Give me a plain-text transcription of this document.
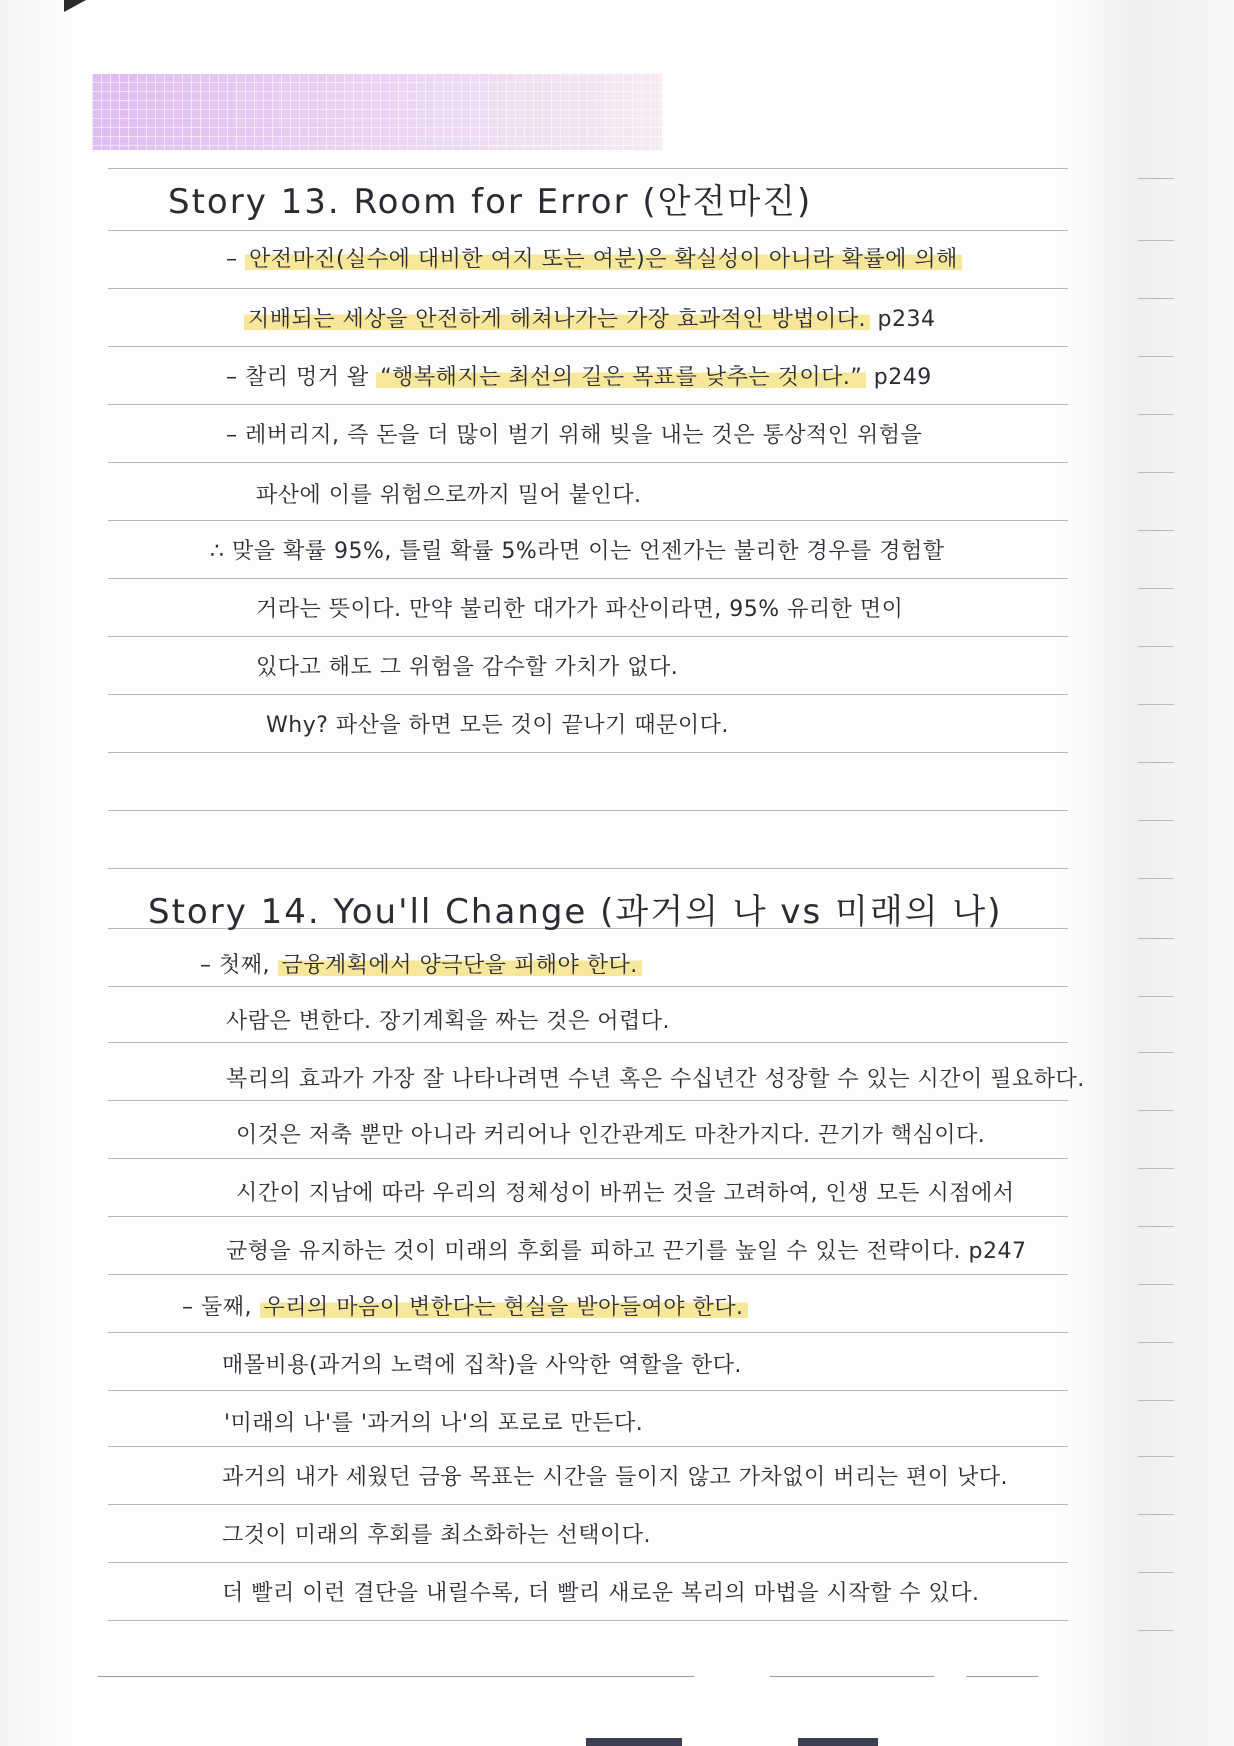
Story 13. Room for Error (안전마진)
– 안전마진(실수에 대비한 여지 또는 여분)은 확실성이 아니라 확률에 의해
지배되는 세상을 안전하게 헤쳐나가는 가장 효과적인 방법이다. p234
– 찰리 멍거 왈 “행복해지는 최선의 길은 목표를 낮추는 것이다.” p249
– 레버리지, 즉 돈을 더 많이 벌기 위해 빚을 내는 것은 통상적인 위험을
파산에 이를 위험으로까지 밀어 붙인다.
∴ 맞을 확률 95%, 틀릴 확률 5%라면 이는 언젠가는 불리한 경우를 경험할
거라는 뜻이다. 만약 불리한 대가가 파산이라면, 95% 유리한 면이
있다고 해도 그 위험을 감수할 가치가 없다.
Why? 파산을 하면 모든 것이 끝나기 때문이다.
Story 14. You'll Change (과거의 나 vs 미래의 나)
– 첫째, 금융계획에서 양극단을 피해야 한다.
사람은 변한다. 장기계획을 짜는 것은 어렵다.
복리의 효과가 가장 잘 나타나려면 수년 혹은 수십년간 성장할 수 있는 시간이 필요하다.
이것은 저축 뿐만 아니라 커리어나 인간관계도 마찬가지다. 끈기가 핵심이다.
시간이 지남에 따라 우리의 정체성이 바뀌는 것을 고려하여, 인생 모든 시점에서
균형을 유지하는 것이 미래의 후회를 피하고 끈기를 높일 수 있는 전략이다. p247
– 둘째, 우리의 마음이 변한다는 현실을 받아들여야 한다.
매몰비용(과거의 노력에 집착)을 사악한 역할을 한다.
'미래의 나'를 '과거의 나'의 포로로 만든다.
과거의 내가 세웠던 금융 목표는 시간을 들이지 않고 가차없이 버리는 편이 낫다.
그것이 미래의 후회를 최소화하는 선택이다.
더 빨리 이런 결단을 내릴수록, 더 빨리 새로운 복리의 마법을 시작할 수 있다.
